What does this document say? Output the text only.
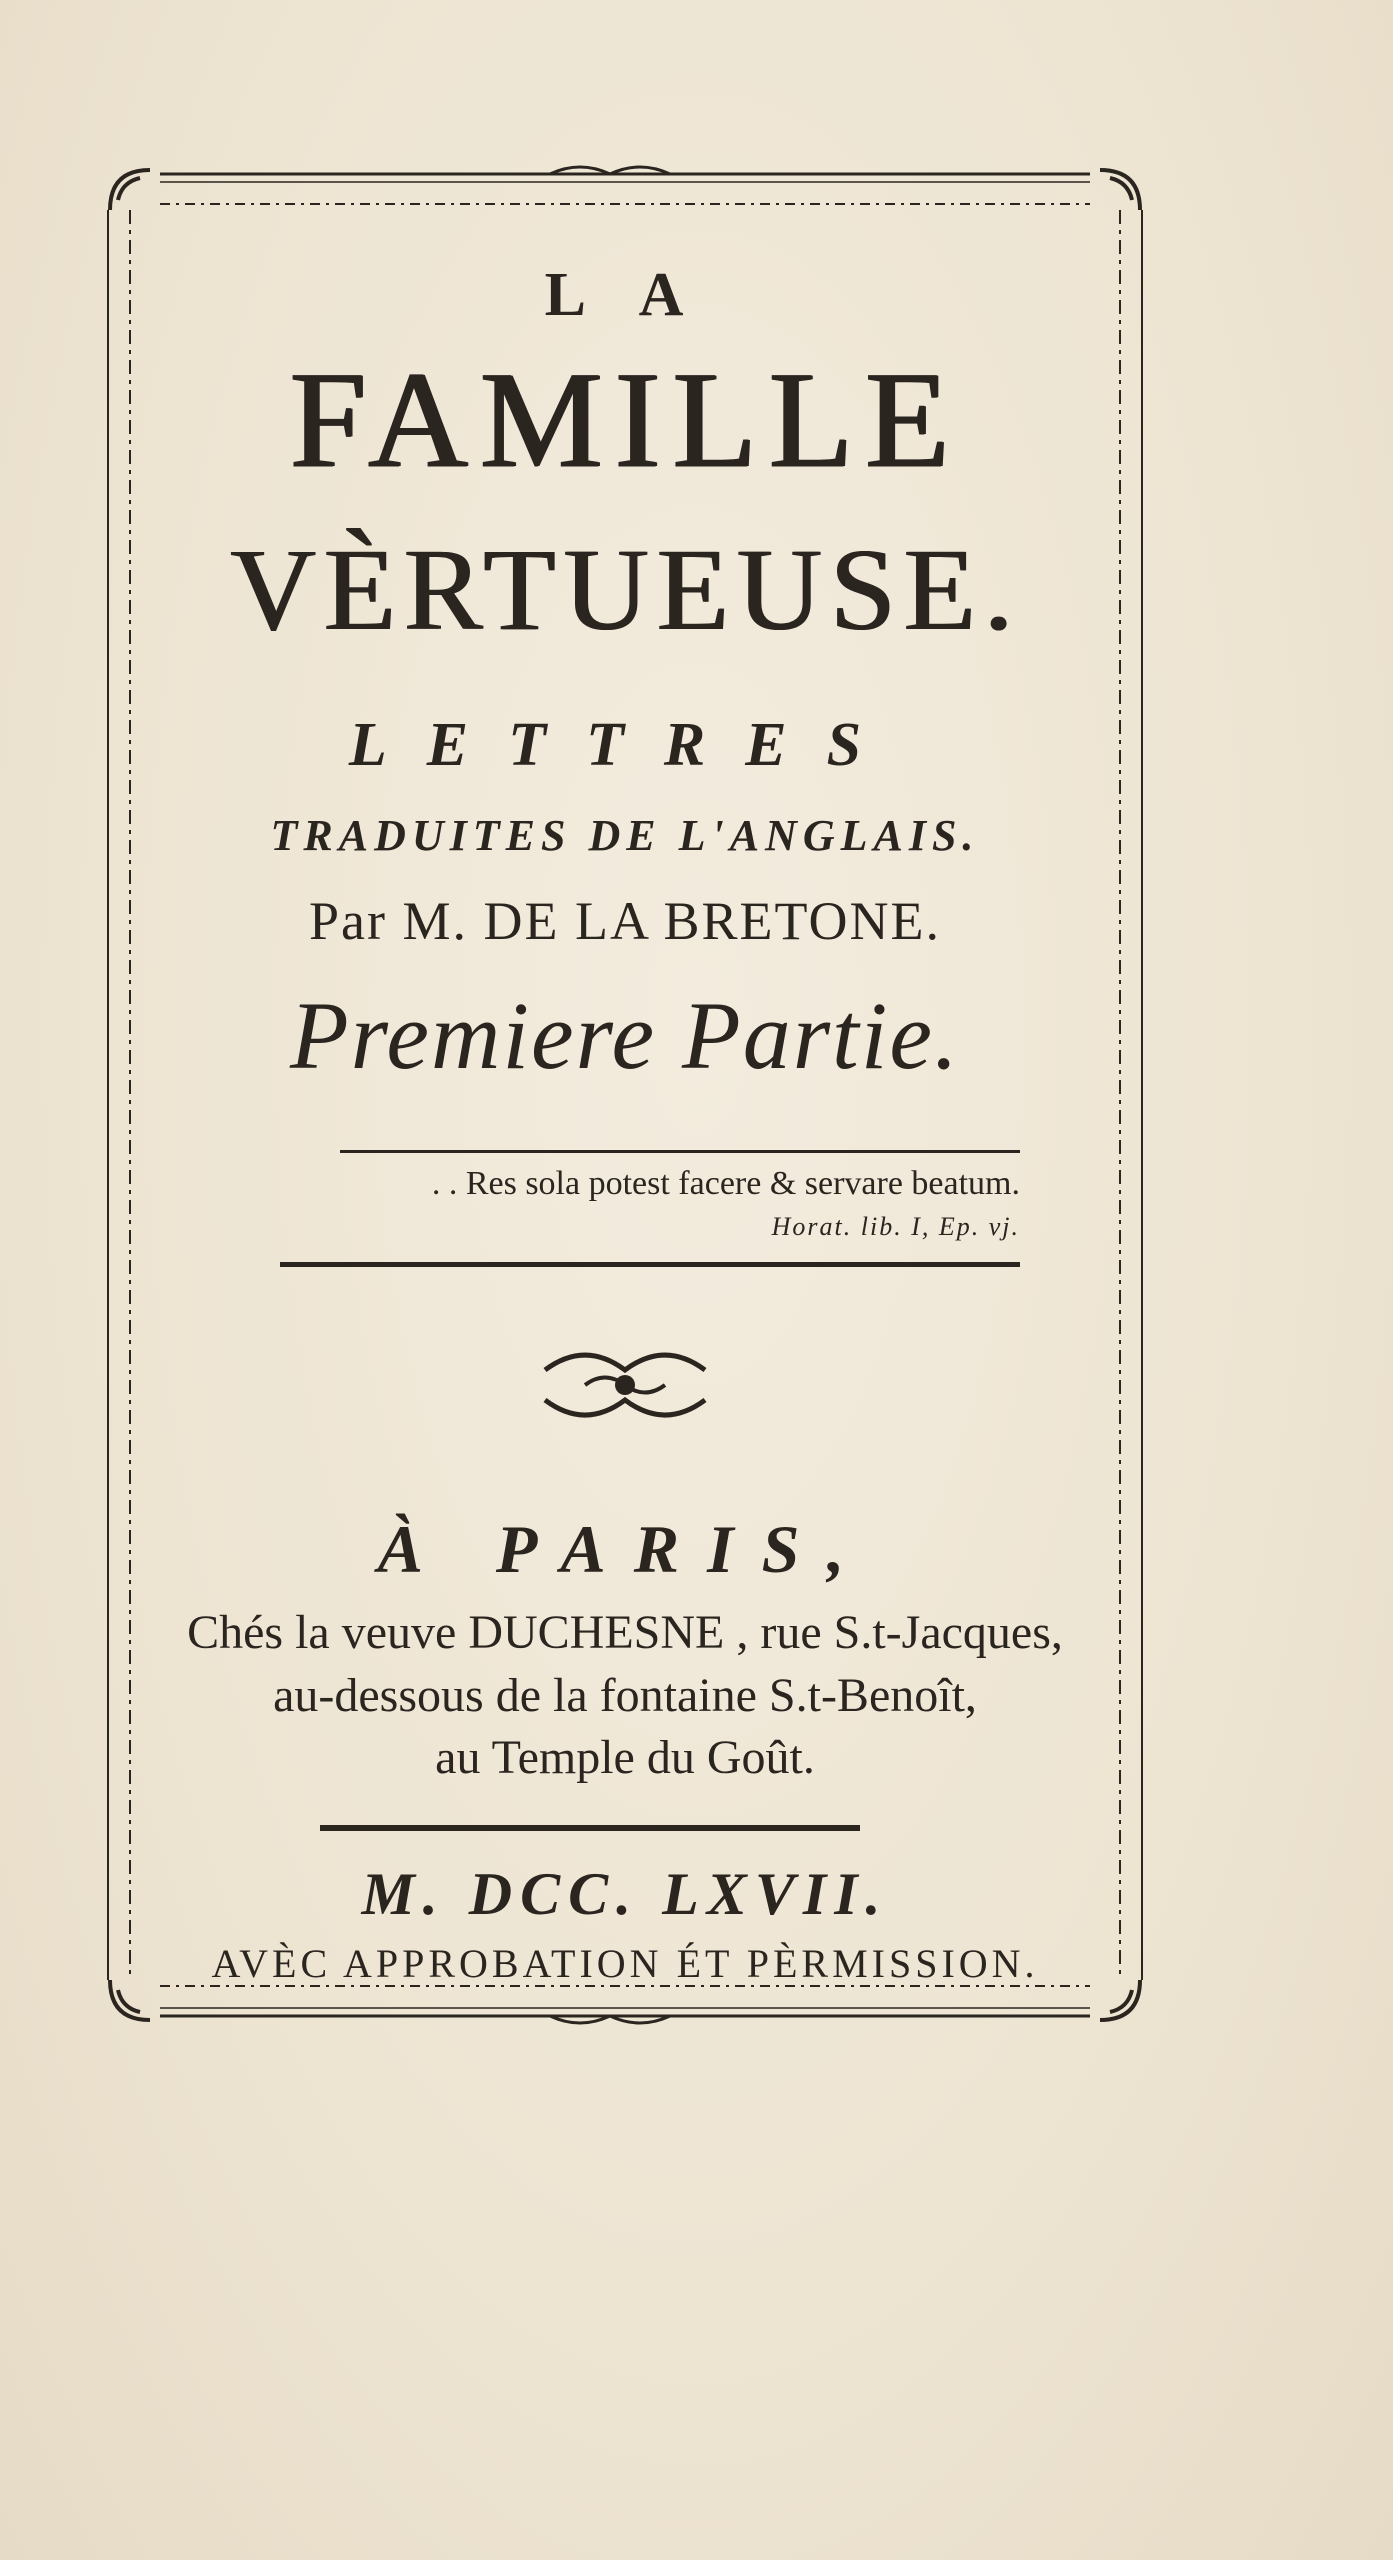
L A
FAMILLE
VÈRTUEUSE.
LETTRES
TRADUITES DE L'ANGLAIS.
Par M. DE LA BRETONE.
Premiere Partie.
. . Res sola potest facere & servare beatum.
Horat. lib. I, Ep. vj.
À PARIS,
Chés la veuve DUCHESNE , rue S.t-Jacques,
au-dessous de la fontaine S.t-Benoît,
au Temple du Goût.
M. DCC. LXVII.
AVÈC APPROBATION ÉT PÈRMISSION.
